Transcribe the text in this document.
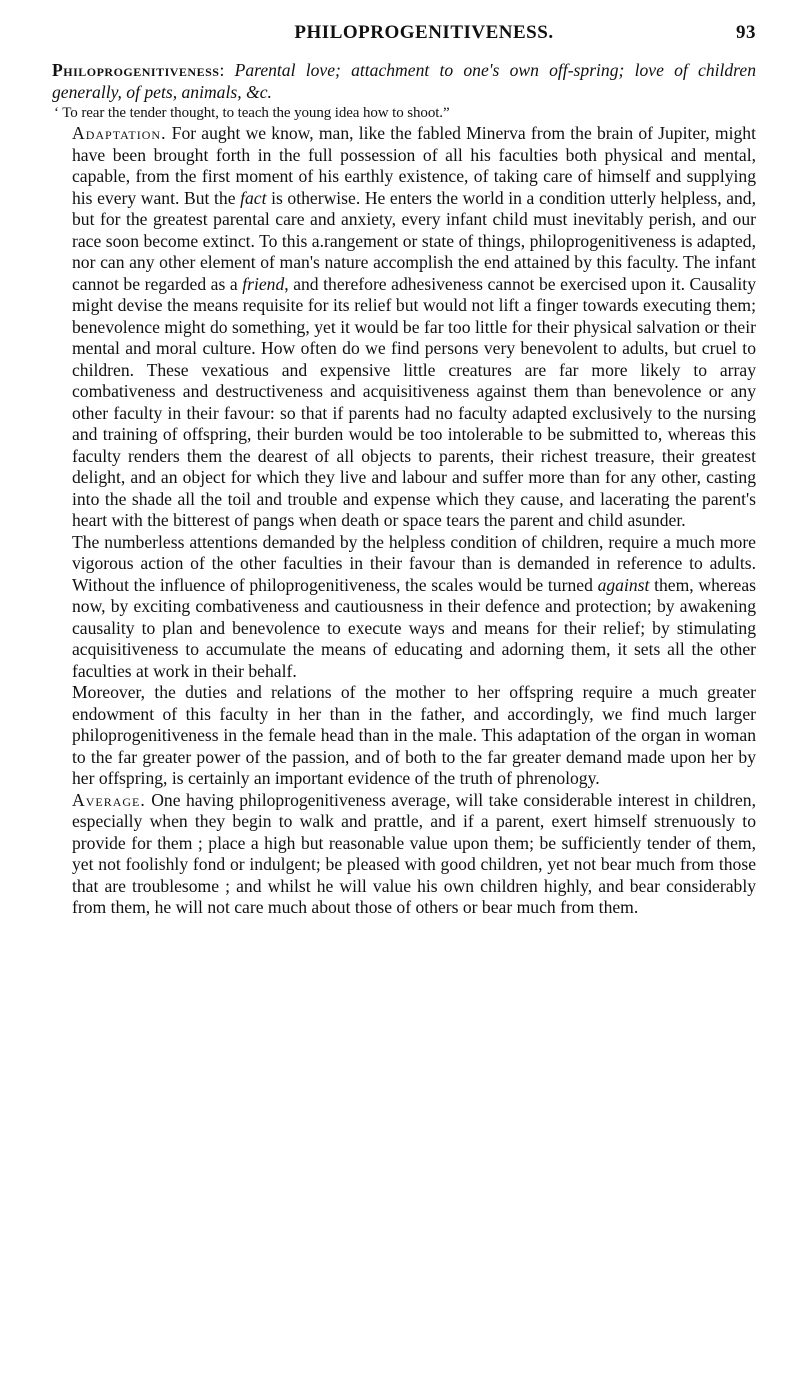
PHILOPROGENITIVENESS.	93

Philoprogenitiveness: Parental love; attachment to one's own off-spring; love of children generally, of pets, animals, &c.

‘ To rear the tender thought, to teach the young idea how to shoot.”

Adaptation. For aught we know, man, like the fabled Minerva from the brain of Jupiter, might have been brought forth in the full possession of all his faculties both physical and mental, capable, from the first moment of his earthly existence, of taking care of himself and supplying his every want. But the fact is otherwise. He enters the world in a condition utterly helpless, and, but for the greatest parental care and anxiety, every infant child must inevitably perish, and our race soon become extinct. To this a.rangement or state of things, philoprogenitiveness is adapted, nor can any other element of man's nature accomplish the end attained by this faculty. The infant cannot be regarded as a friend, and therefore adhesiveness cannot be exercised upon it. Causality might devise the means requisite for its relief but would not lift a finger towards executing them; benevolence might do something, yet it would be far too little for their physical salvation or their mental and moral culture. How often do we find persons very benevolent to adults, but cruel to children. These vexatious and expensive little creatures are far more likely to array combativeness and destructiveness and acquisitiveness against them than benevolence or any other faculty in their favour: so that if parents had no faculty adapted exclusively to the nursing and training of offspring, their burden would be too intolerable to be submitted to, whereas this faculty renders them the dearest of all objects to parents, their richest treasure, their greatest delight, and an object for which they live and labour and suffer more than for any other, casting into the shade all the toil and trouble and expense which they cause, and lacerating the parent's heart with the bitterest of pangs when death or space tears the parent and child asunder.

The numberless attentions demanded by the helpless condition of children, require a much more vigorous action of the other faculties in their favour than is demanded in reference to adults. Without the influence of philoprogenitiveness, the scales would be turned against them, whereas now, by exciting combativeness and cautiousness in their defence and protection; by awakening causality to plan and benevolence to execute ways and means for their relief; by stimulating acquisitiveness to accumulate the means of educating and adorning them, it sets all the other faculties at work in their behalf.

Moreover, the duties and relations of the mother to her offspring require a much greater endowment of this faculty in her than in the father, and accordingly, we find much larger philoprogenitiveness in the female head than in the male. This adaptation of the organ in woman to the far greater power of the passion, and of both to the far greater demand made upon her by her offspring, is certainly an important evidence of the truth of phrenology.

Average. One having philoprogenitiveness average, will take considerable interest in children, especially when they begin to walk and prattle, and if a parent, exert himself strenuously to provide for them ; place a high but reasonable value upon them; be sufficiently tender of them, yet not foolishly fond or indulgent; be pleased with good children, yet not bear much from those that are troublesome ; and whilst he will value his own children highly, and bear considerably from them, he will not care much about those of others or bear much from them.
